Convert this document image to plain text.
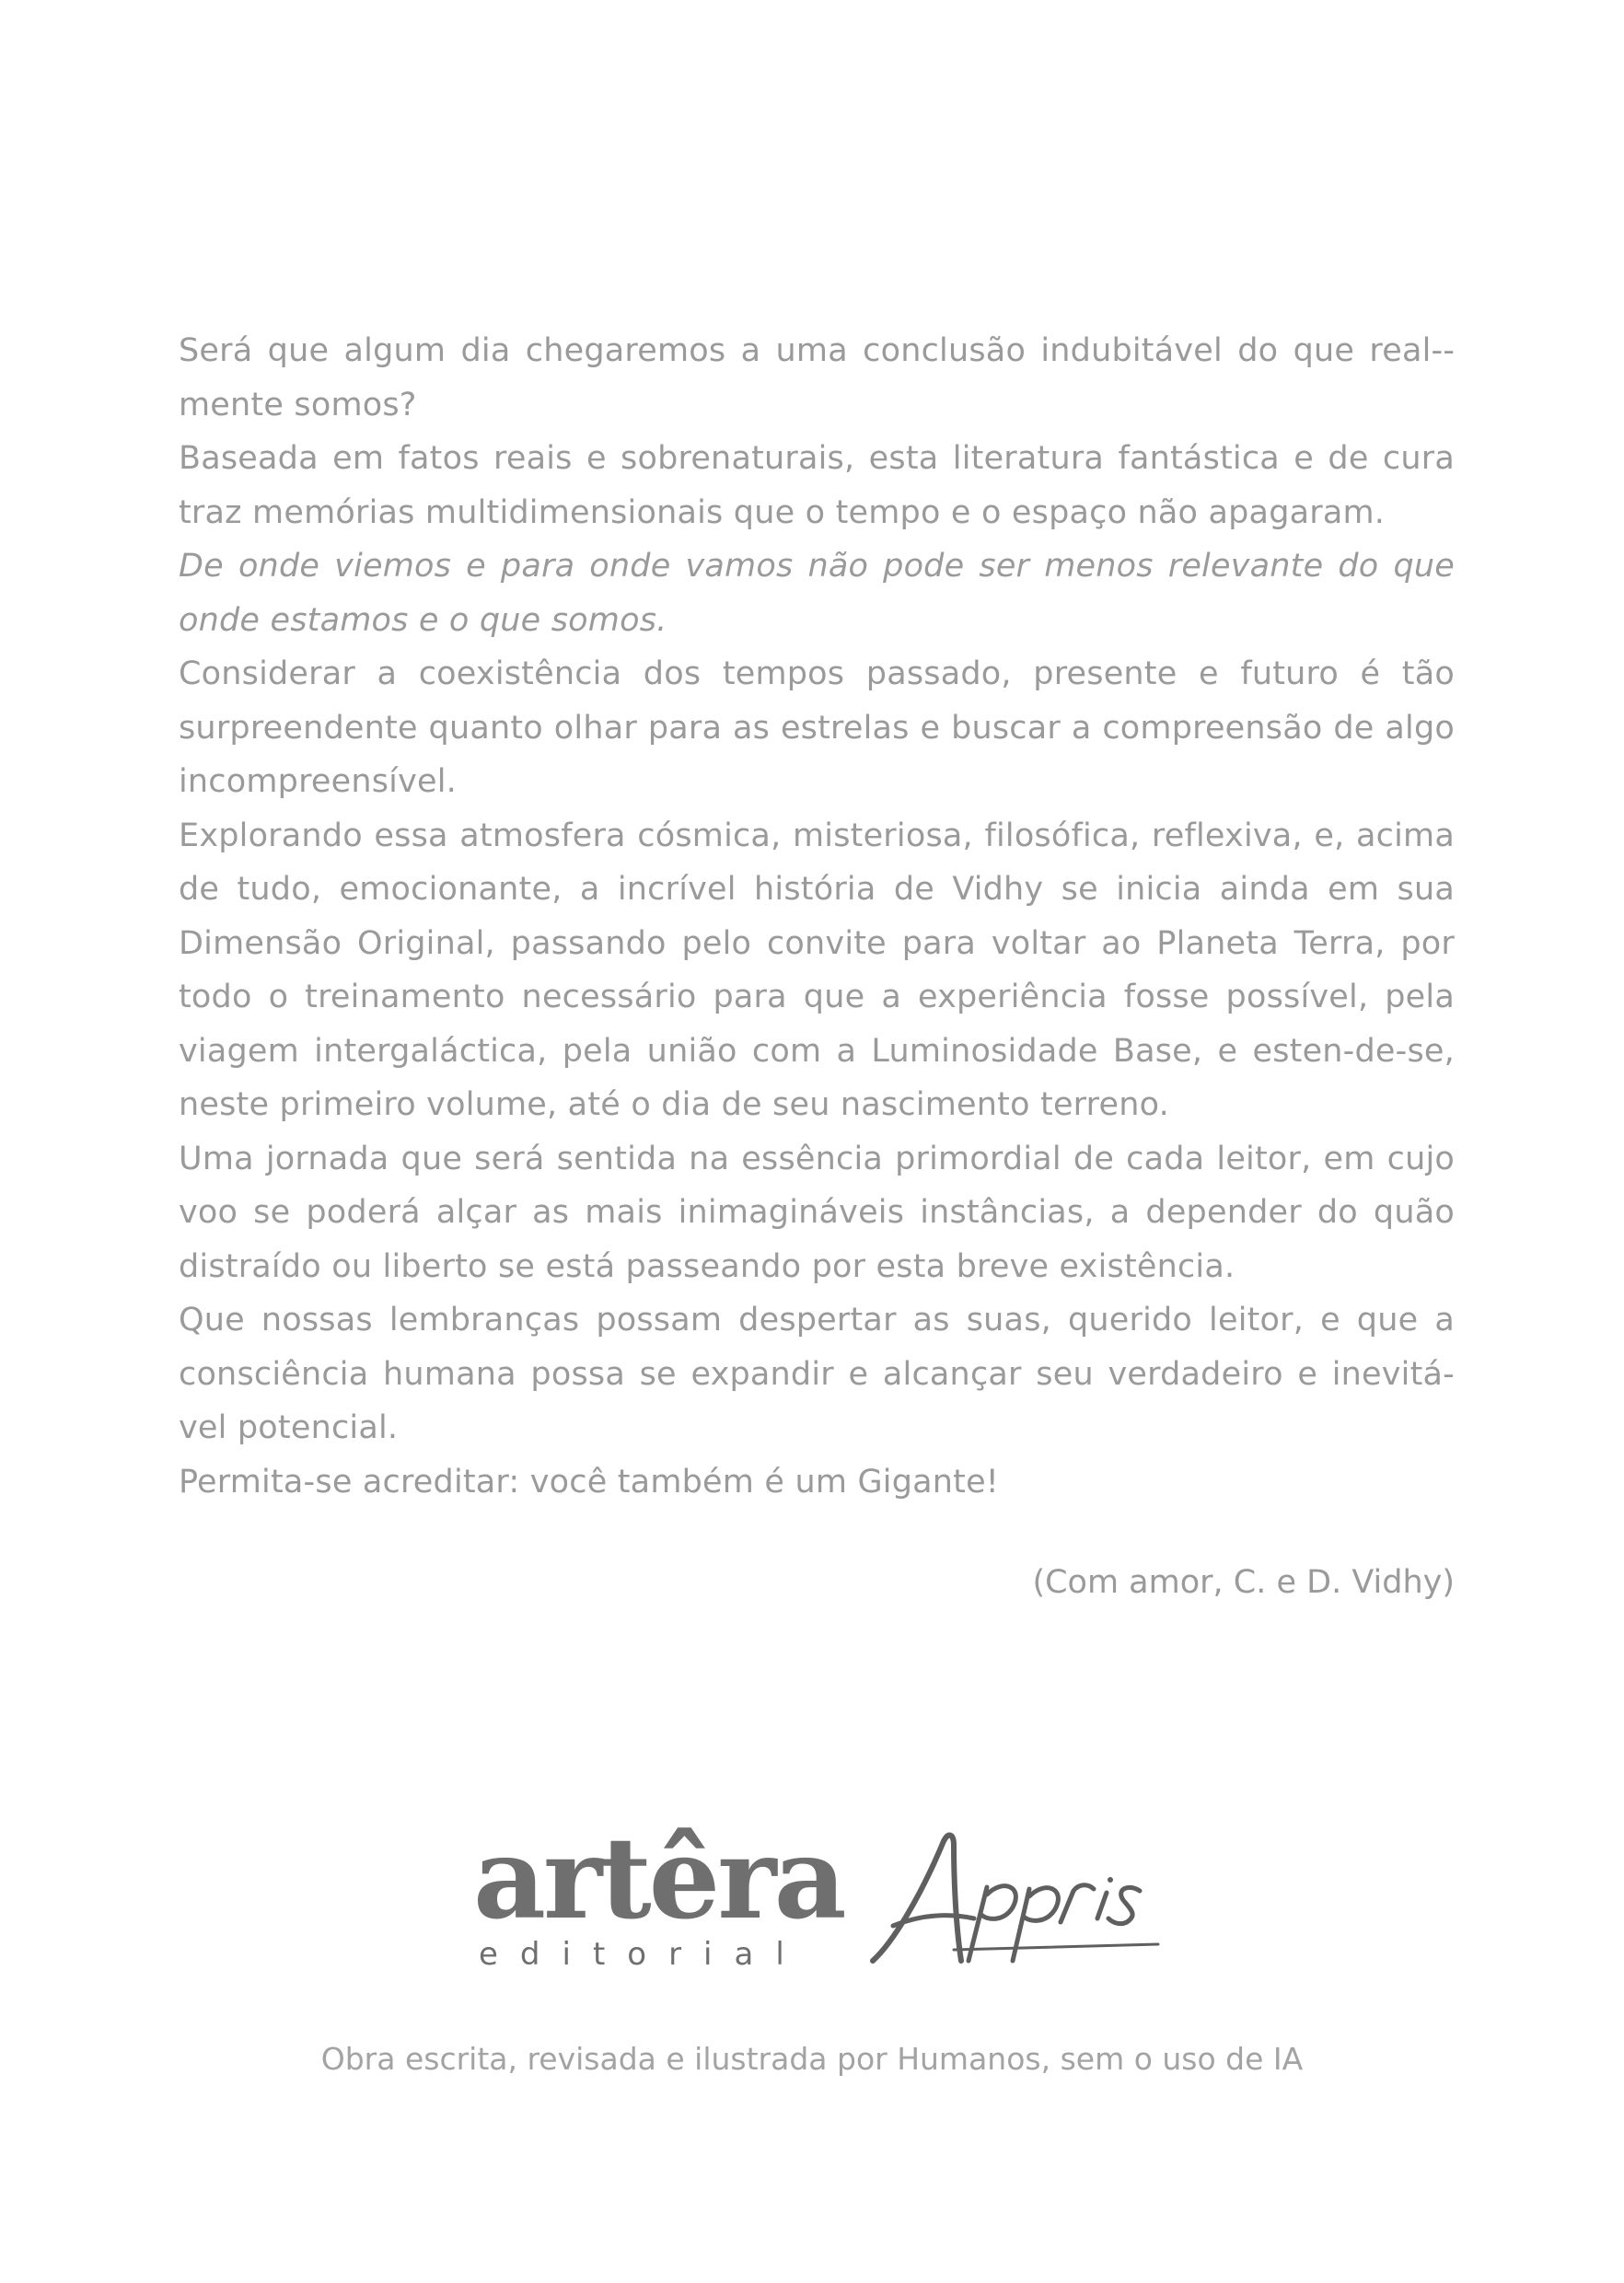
Será que algum dia chegaremos a uma conclusão indubitável do que real-mente somos?

Baseada em fatos reais e sobrenaturais, esta literatura fantástica e de cura traz memórias multidimensionais que o tempo e o espaço não apagaram.

De onde viemos e para onde vamos não pode ser menos relevante do que onde estamos e o que somos.

Considerar a coexistência dos tempos passado, presente e futuro é tão surpreendente quanto olhar para as estrelas e buscar a compreensão de algo incompreensível.

Explorando essa atmosfera cósmica, misteriosa, filosófica, reflexiva, e, acima de tudo, emocionante, a incrível história de Vidhy se inicia ainda em sua Dimensão Original, passando pelo convite para voltar ao Planeta Terra, por todo o treinamento necessário para que a experiência fosse possível, pela viagem intergaláctica, pela união com a Luminosidade Base, e esten-de-se, neste primeiro volume, até o dia de seu nascimento terreno.

Uma jornada que será sentida na essência primordial de cada leitor, em cujo voo se poderá alçar as mais inimagináveis instâncias, a depender do quão distraído ou liberto se está passeando por esta breve existência.

Que nossas lembranças possam despertar as suas, querido leitor, e que a consciência humana possa se expandir e alcançar seu verdadeiro e inevitá-vel potencial.

Permita-se acreditar: você também é um Gigante!

(Com amor, C. e D. Vidhy)
artêra
editorial
Obra escrita, revisada e ilustrada por Humanos, sem o uso de IA
